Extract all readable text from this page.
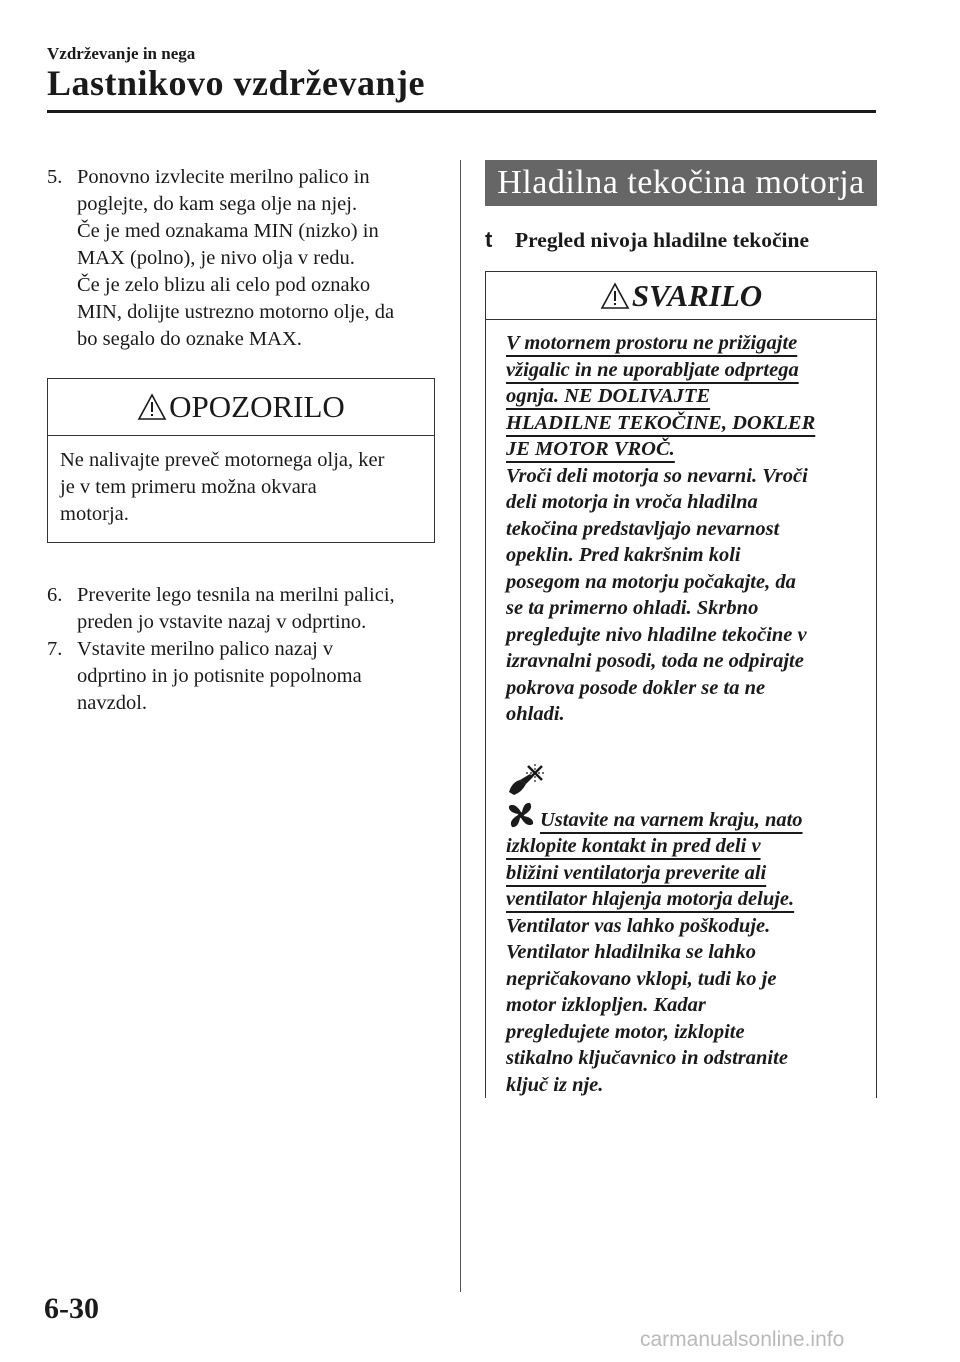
Vzdrževanje in nega
Lastnikovo vzdrževanje
5. Ponovno izvlecite merilno palico in

poglejte, do kam sega olje na njej.

Če je med oznakama MIN (nizko) in

MAX (polno), je nivo olja v redu.

Če je zelo blizu ali celo pod oznako

MIN, dolijte ustrezno motorno olje, da

bo segalo do oznake MAX.

OPOZORILO
Ne nalivajte preveč motornega olja, ker
je v tem primeru možna okvara
motorja.
6. Preverite lego tesnila na merilni palici,

preden jo vstavite nazaj v odprtino.

7. Vstavite merilno palico nazaj v

odprtino in jo potisnite popolnoma

navzdol.

Hladilna tekočina motorja
t	Pregled nivoja hladilne tekočine
SVARILO

V motornem prostoru ne prižigajte

vžigalic in ne uporabljate odprtega

ognja. NE DOLIVAJTE

HLADILNE TEKOČINE, DOKLER

JE MOTOR VROČ.

Vroči deli motorja so nevarni. Vroči

deli motorja in vroča hladilna

tekočina predstavljajo nevarnost

opeklin. Pred kakršnim koli

posegom na motorju počakajte, da

se ta primerno ohladi. Skrbno

pregledujte nivo hladilne tekočine v

izravnalni posodi, toda ne odpirajte

pokrova posode dokler se ta ne

ohladi.

Ustavite na varnem kraju, nato

izklopite kontakt in pred deli v

bližini ventilatorja preverite ali

ventilator hlajenja motorja deluje.

Ventilator vas lahko poškoduje.

Ventilator hladilnika se lahko

nepričakovano vklopi, tudi ko je

motor izklopljen. Kadar

pregledujete motor, izklopite

stikalno ključavnico in odstranite

ključ iz nje.

6-30
carmanualsonline.info
